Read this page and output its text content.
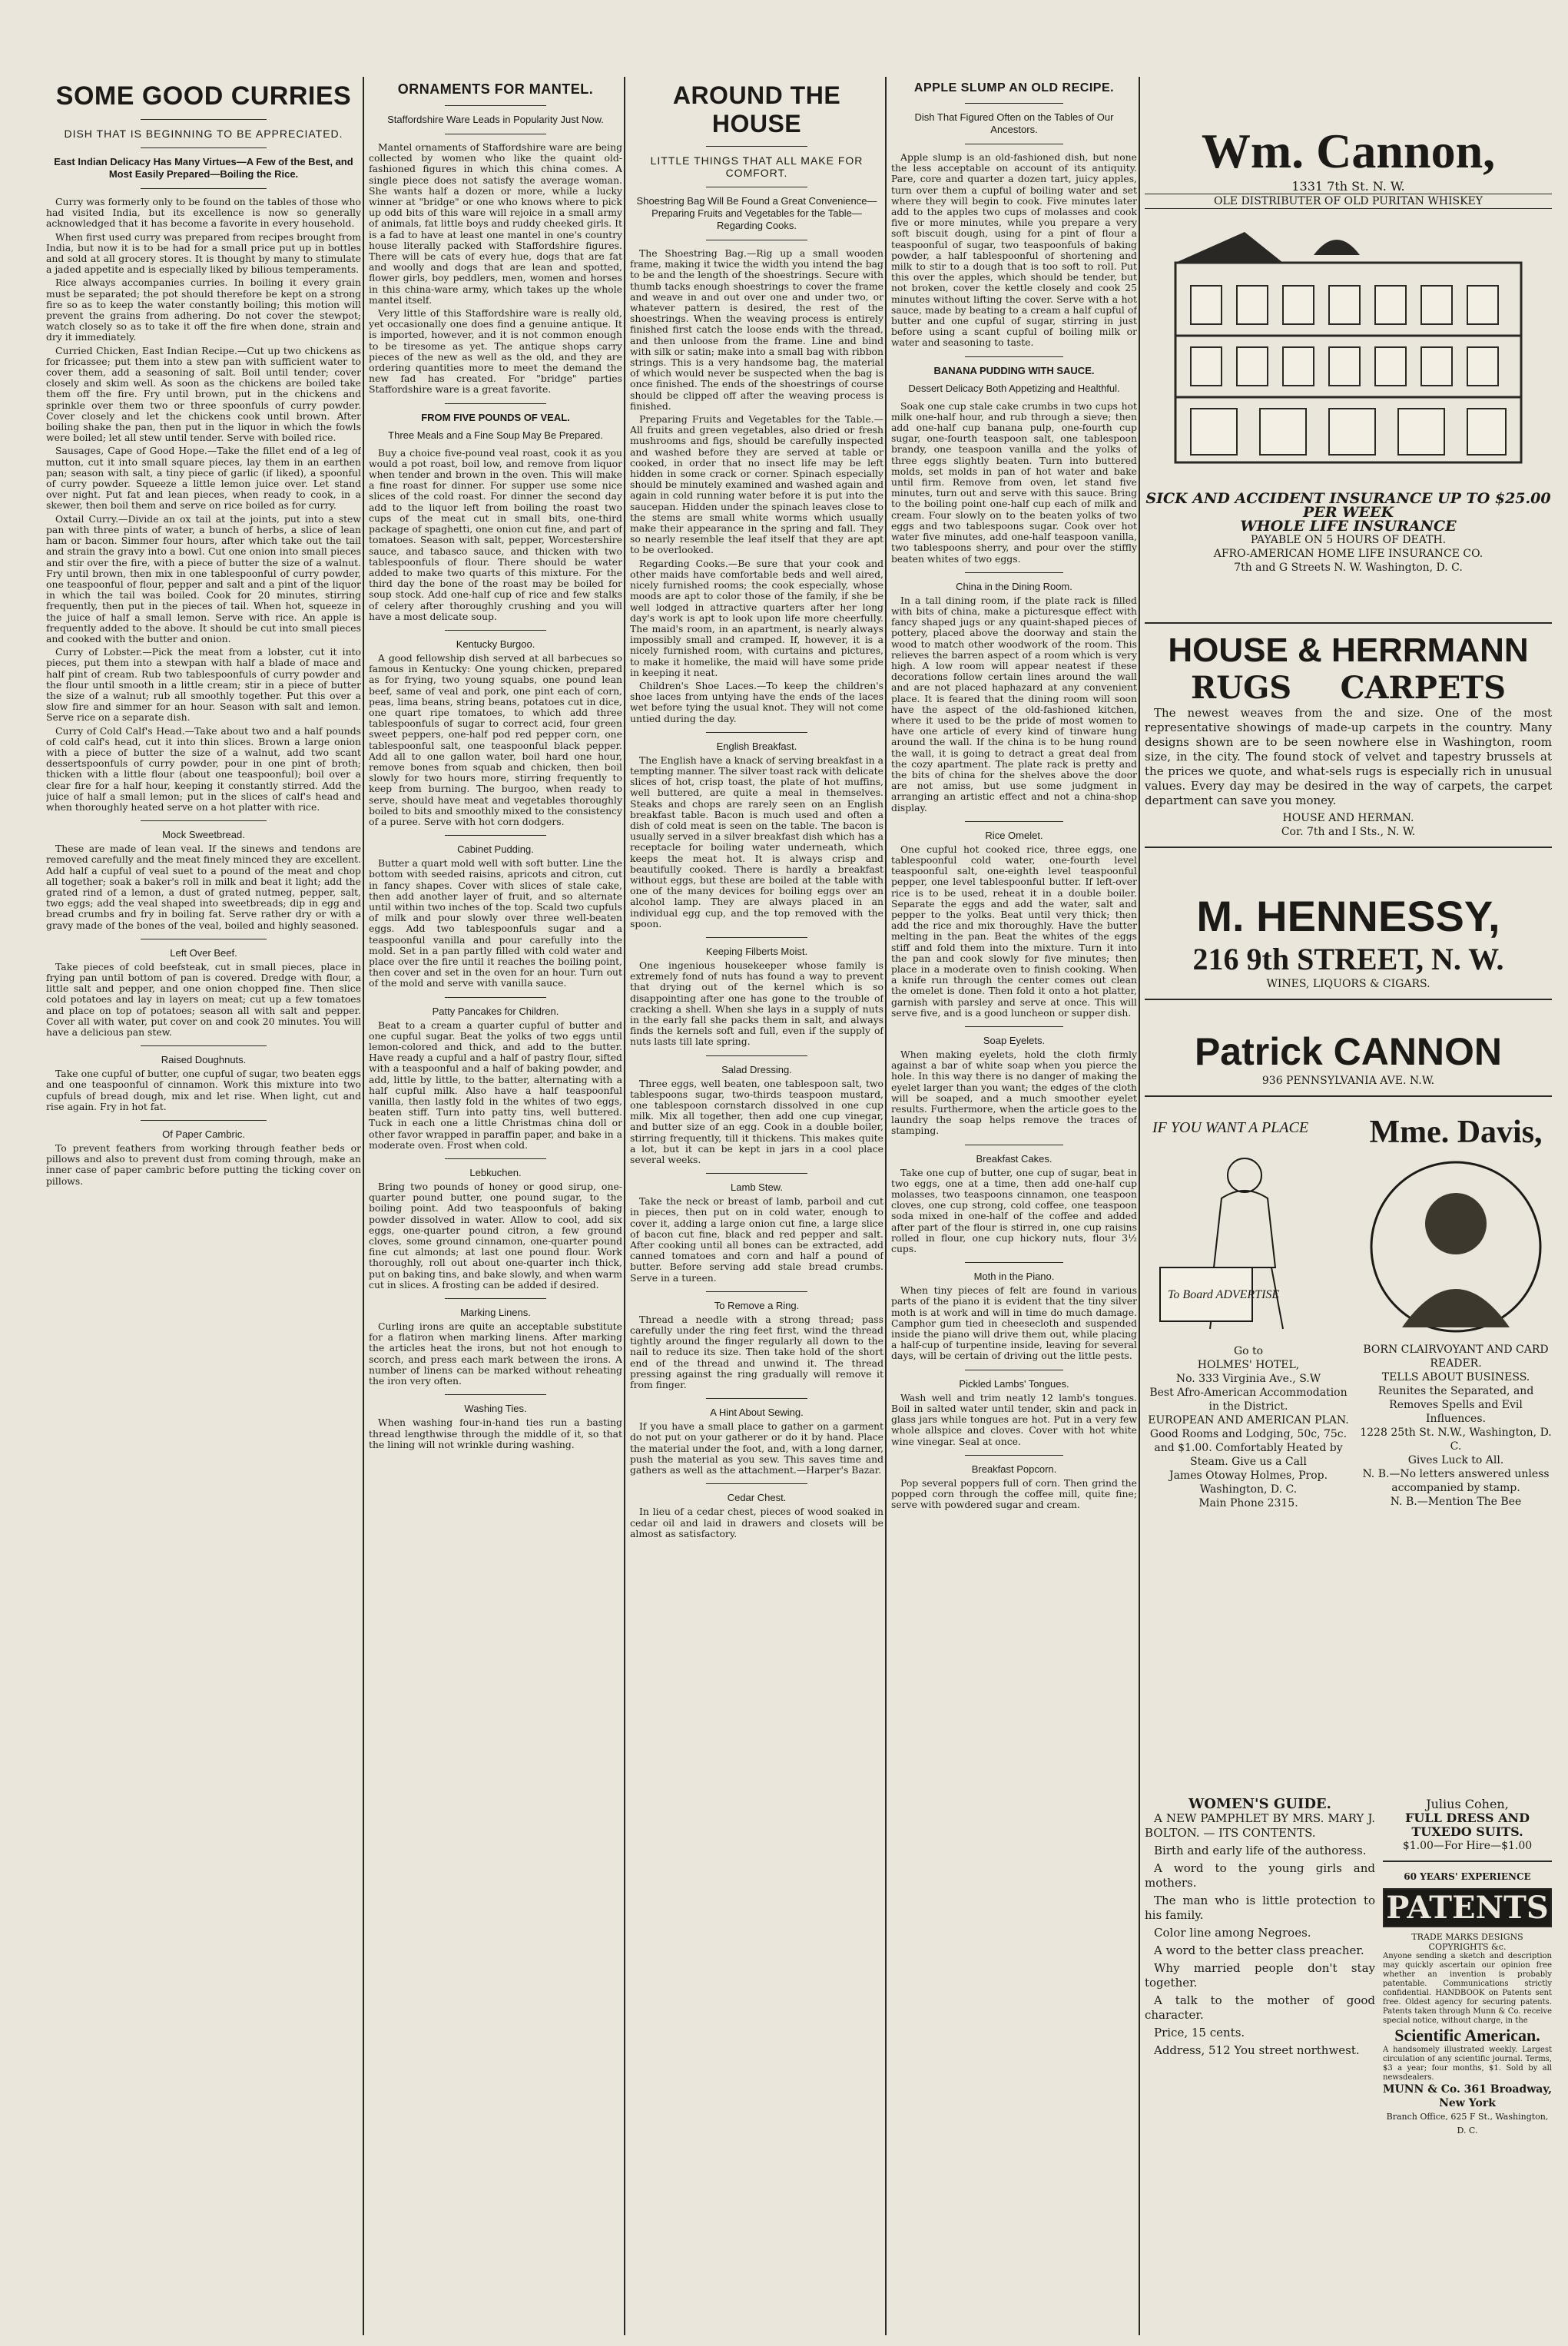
SOME GOOD CURRIES
DISH THAT IS BEGINNING TO BE APPRECIATED.
East Indian Delicacy Has Many Virtues—A Few of the Best, and Most Easily Prepared—Boiling the Rice.

Curry was formerly only to be found on the tables of those who had visited India, but its excellence is now so generally acknowledged that it has become a favorite in every household.

When first used curry was prepared from recipes brought from India, but now it is to be had for a small price put up in bottles and sold at all grocery stores. It is thought by many to stimulate a jaded appetite and is especially liked by bilious temperaments.

Rice always accompanies curries. In boiling it every grain must be separated; the pot should therefore be kept on a strong fire so as to keep the water constantly boiling; this motion will prevent the grains from adhering. Do not cover the stewpot; watch closely so as to take it off the fire when done, strain and dry it immediately.

Curried Chicken, East Indian Recipe.—Cut up two chickens as for fricassee; put them into a stew pan with sufficient water to cover them, add a seasoning of salt. Boil until tender; cover closely and skim well. As soon as the chickens are boiled take them off the fire. Fry until brown, put in the chickens and sprinkle over them two or three spoonfuls of curry powder. Cover closely and let the chickens cook until brown. After boiling shake the pan, then put in the liquor in which the fowls were boiled; let all stew until tender. Serve with boiled rice.

Sausages, Cape of Good Hope.—Take the fillet end of a leg of mutton, cut it into small square pieces, lay them in an earthen pan; season with salt, a tiny piece of garlic (if liked), a spoonful of curry powder. Squeeze a little lemon juice over. Let stand over night. Put fat and lean pieces, when ready to cook, in a skewer, then boil them and serve on rice boiled as for curry.

Oxtail Curry.—Divide an ox tail at the joints, put into a stew pan with three pints of water, a bunch of herbs, a slice of lean ham or bacon. Simmer four hours, after which take out the tail and strain the gravy into a bowl. Cut one onion into small pieces and stir over the fire, with a piece of butter the size of a walnut. Fry until brown, then mix in one tablespoonful of curry powder, one teaspoonful of flour, pepper and salt and a pint of the liquor in which the tail was boiled. Cook for 20 minutes, stirring frequently, then put in the pieces of tail. When hot, squeeze in the juice of half a small lemon. Serve with rice. An apple is frequently added to the above. It should be cut into small pieces and cooked with the butter and onion.

Curry of Lobster.—Pick the meat from a lobster, cut it into pieces, put them into a stewpan with half a blade of mace and half pint of cream. Rub two tablespoonfuls of curry powder and the flour until smooth in a little cream; stir in a piece of butter the size of a walnut; rub all smoothly together. Put this over a slow fire and simmer for an hour. Season with salt and lemon. Serve rice on a separate dish.

Curry of Cold Calf's Head.—Take about two and a half pounds of cold calf's head, cut it into thin slices. Brown a large onion with a piece of butter the size of a walnut, add two scant dessertspoonfuls of curry powder, pour in one pint of broth; thicken with a little flour (about one teaspoonful); boil over a clear fire for a half hour, keeping it constantly stirred. Add the juice of half a small lemon; put in the slices of calf's head and when thoroughly heated serve on a hot platter with rice.

Mock Sweetbread.

These are made of lean veal. If the sinews and tendons are removed carefully and the meat finely minced they are excellent. Add half a cupful of veal suet to a pound of the meat and chop all together; soak a baker's roll in milk and beat it light; add the grated rind of a lemon, a dust of grated nutmeg, pepper, salt, two eggs; add the veal shaped into sweetbreads; dip in egg and bread crumbs and fry in boiling fat. Serve rather dry or with a gravy made of the bones of the veal, boiled and highly seasoned.

Left Over Beef.

Take pieces of cold beefsteak, cut in small pieces, place in frying pan until bottom of pan is covered. Dredge with flour, a little salt and pepper, and one onion chopped fine. Then slice cold potatoes and lay in layers on meat; cut up a few tomatoes and place on top of potatoes; season all with salt and pepper. Cover all with water, put cover on and cook 20 minutes. You will have a delicious pan stew.

Raised Doughnuts.

Take one cupful of butter, one cupful of sugar, two beaten eggs and one teaspoonful of cinnamon. Work this mixture into two cupfuls of bread dough, mix and let rise. When light, cut and rise again. Fry in hot fat.

Of Paper Cambric.

To prevent feathers from working through feather beds or pillows and also to prevent dust from coming through, make an inner case of paper cambric before putting the ticking cover on pillows.

ORNAMENTS FOR MANTEL.
Staffordshire Ware Leads in Popularity Just Now.

Mantel ornaments of Staffordshire ware are being collected by women who like the quaint old-fashioned figures in which this china comes. A single piece does not satisfy the average woman. She wants half a dozen or more, while a lucky winner at "bridge" or one who knows where to pick up odd bits of this ware will rejoice in a small army of animals, fat little boys and ruddy cheeked girls. It is a fad to have at least one mantel in one's country house literally packed with Staffordshire figures. There will be cats of every hue, dogs that are fat and woolly and dogs that are lean and spotted, flower girls, boy peddlers, men, women and horses in this china-ware army, which takes up the whole mantel itself.

Very little of this Staffordshire ware is really old, yet occasionally one does find a genuine antique. It is imported, however, and it is not common enough to be tiresome as yet. The antique shops carry pieces of the new as well as the old, and they are ordering quantities more to meet the demand the new fad has created. For "bridge" parties Staffordshire ware is a great favorite.

FROM FIVE POUNDS OF VEAL.
Three Meals and a Fine Soup May Be Prepared.

Buy a choice five-pound veal roast, cook it as you would a pot roast, boil low, and remove from liquor when tender and brown in the oven. This will make a fine roast for dinner. For supper use some nice slices of the cold roast. For dinner the second day add to the liquor left from boiling the roast two cups of the meat cut in small bits, one-third package of spaghetti, one onion cut fine, and part of tomatoes. Season with salt, pepper, Worcestershire sauce, and tabasco sauce, and thicken with two tablespoonfuls of flour. There should be water added to make two quarts of this mixture. For the third day the bone of the roast may be boiled for soup stock. Add one-half cup of rice and few stalks of celery after thoroughly crushing and you will have a most delicate soup.

Kentucky Burgoo.

A good fellowship dish served at all barbecues so famous in Kentucky: One young chicken, prepared as for frying, two young squabs, one pound lean beef, same of veal and pork, one pint each of corn, peas, lima beans, string beans, potatoes cut in dice, one quart ripe tomatoes, to which add three tablespoonfuls of sugar to correct acid, four green sweet peppers, one-half pod red pepper corn, one tablespoonful salt, one teaspoonful black pepper. Add all to one gallon water, boil hard one hour, remove bones from squab and chicken, then boil slowly for two hours more, stirring frequently to keep from burning. The burgoo, when ready to serve, should have meat and vegetables thoroughly boiled to bits and smoothly mixed to the consistency of a puree. Serve with hot corn dodgers.

Cabinet Pudding.

Butter a quart mold well with soft butter. Line the bottom with seeded raisins, apricots and citron, cut in fancy shapes. Cover with slices of stale cake, then add another layer of fruit, and so alternate until within two inches of the top. Scald two cupfuls of milk and pour slowly over three well-beaten eggs. Add two tablespoonfuls sugar and a teaspoonful vanilla and pour carefully into the mold. Set in a pan partly filled with cold water and place over the fire until it reaches the boiling point, then cover and set in the oven for an hour. Turn out of the mold and serve with vanilla sauce.

Patty Pancakes for Children.

Beat to a cream a quarter cupful of butter and one cupful sugar. Beat the yolks of two eggs until lemon-colored and thick, and add to the butter. Have ready a cupful and a half of pastry flour, sifted with a teaspoonful and a half of baking powder, and add, little by little, to the batter, alternating with a half cupful milk. Also have a half teaspoonful vanilla, then lastly fold in the whites of two eggs, beaten stiff. Turn into patty tins, well buttered. Tuck in each one a little Christmas china doll or other favor wrapped in paraffin paper, and bake in a moderate oven. Frost when cold.

Lebkuchen.

Bring two pounds of honey or good sirup, one-quarter pound butter, one pound sugar, to the boiling point. Add two teaspoonfuls of baking powder dissolved in water. Allow to cool, add six eggs, one-quarter pound citron, a few ground cloves, some ground cinnamon, one-quarter pound fine cut almonds; at last one pound flour. Work thoroughly, roll out about one-quarter inch thick, put on baking tins, and bake slowly, and when warm cut in slices. A frosting can be added if desired.

Marking Linens.

Curling irons are quite an acceptable substitute for a flatiron when marking linens. After marking the articles heat the irons, but not hot enough to scorch, and press each mark between the irons. A number of linens can be marked without reheating the iron very often.

Washing Ties.

When washing four-in-hand ties run a basting thread lengthwise through the middle of it, so that the lining will not wrinkle during washing.

AROUND THE HOUSE
LITTLE THINGS THAT ALL MAKE FOR COMFORT.
Shoestring Bag Will Be Found a Great Convenience—Preparing Fruits and Vegetables for the Table—Regarding Cooks.

The Shoestring Bag.—Rig up a small wooden frame, making it twice the width you intend the bag to be and the length of the shoestrings. Secure with thumb tacks enough shoestrings to cover the frame and weave in and out over one and under two, or whatever pattern is desired, the rest of the shoestrings. When the weaving process is entirely finished first catch the loose ends with the thread, and then unloose from the frame. Line and bind with silk or satin; make into a small bag with ribbon strings. This is a very handsome bag, the material of which would never be suspected when the bag is once finished. The ends of the shoestrings of course should be clipped off after the weaving process is finished.

Preparing Fruits and Vegetables for the Table.—All fruits and green vegetables, also dried or fresh mushrooms and figs, should be carefully inspected and washed before they are served at table or cooked, in order that no insect life may be left hidden in some crack or corner. Spinach especially should be minutely examined and washed again and again in cold running water before it is put into the saucepan. Hidden under the spinach leaves close to the stems are small white worms which usually make their appearance in the spring and fall. They so nearly resemble the leaf itself that they are apt to be overlooked.

Regarding Cooks.—Be sure that your cook and other maids have comfortable beds and well aired, nicely furnished rooms; the cook especially, whose moods are apt to color those of the family, if she be well lodged in attractive quarters after her long day's work is apt to look upon life more cheerfully. The maid's room, in an apartment, is nearly always impossibly small and cramped. If, however, it is a nicely furnished room, with curtains and pictures, to make it homelike, the maid will have some pride in keeping it neat.

Children's Shoe Laces.—To keep the children's shoe laces from untying have the ends of the laces wet before tying the usual knot. They will not come untied during the day.

English Breakfast.

The English have a knack of serving breakfast in a tempting manner. The silver toast rack with delicate slices of hot, crisp toast, the plate of hot muffins, well buttered, are quite a meal in themselves. Steaks and chops are rarely seen on an English breakfast table. Bacon is much used and often a dish of cold meat is seen on the table. The bacon is usually served in a silver breakfast dish which has a receptacle for boiling water underneath, which keeps the meat hot. It is always crisp and beautifully cooked. There is hardly a breakfast without eggs, but these are boiled at the table with one of the many devices for boiling eggs over an alcohol lamp. They are always placed in an individual egg cup, and the top removed with the spoon.

Keeping Filberts Moist.

One ingenious housekeeper whose family is extremely fond of nuts has found a way to prevent that drying out of the kernel which is so disappointing after one has gone to the trouble of cracking a shell. When she lays in a supply of nuts in the early fall she packs them in salt, and always finds the kernels soft and full, even if the supply of nuts lasts till late spring.

Salad Dressing.

Three eggs, well beaten, one tablespoon salt, two tablespoons sugar, two-thirds teaspoon mustard, one tablespoon cornstarch dissolved in one cup milk. Mix all together, then add one cup vinegar, and butter size of an egg. Cook in a double boiler, stirring frequently, till it thickens. This makes quite a lot, but it can be kept in jars in a cool place several weeks.

Lamb Stew.

Take the neck or breast of lamb, parboil and cut in pieces, then put on in cold water, enough to cover it, adding a large onion cut fine, a large slice of bacon cut fine, black and red pepper and salt. After cooking until all bones can be extracted, add canned tomatoes and corn and half a pound of butter. Before serving add stale bread crumbs. Serve in a tureen.

To Remove a Ring.

Thread a needle with a strong thread; pass carefully under the ring feet first, wind the thread tightly around the finger regularly all down to the nail to reduce its size. Then take hold of the short end of the thread and unwind it. The thread pressing against the ring gradually will remove it from finger.

A Hint About Sewing.

If you have a small place to gather on a garment do not put on your gatherer or do it by hand. Place the material under the foot, and, with a long darner, push the material as you sew. This saves time and gathers as well as the attachment.—Harper's Bazar.

Cedar Chest.

In lieu of a cedar chest, pieces of wood soaked in cedar oil and laid in drawers and closets will be almost as satisfactory.

APPLE SLUMP AN OLD RECIPE.
Dish That Figured Often on the Tables of Our Ancestors.

Apple slump is an old-fashioned dish, but none the less acceptable on account of its antiquity. Pare, core and quarter a dozen tart, juicy apples, turn over them a cupful of boiling water and set where they will begin to cook. Five minutes later add to the apples two cups of molasses and cook five or more minutes, while you prepare a very soft biscuit dough, using for a pint of flour a teaspoonful of sugar, two teaspoonfuls of baking powder, a half tablespoonful of shortening and milk to stir to a dough that is too soft to roll. Put this over the apples, which should be tender, but not broken, cover the kettle closely and cook 25 minutes without lifting the cover. Serve with a hot sauce, made by beating to a cream a half cupful of butter and one cupful of sugar, stirring in just before using a scant cupful of boiling milk or water and seasoning to taste.

BANANA PUDDING WITH SAUCE.
Dessert Delicacy Both Appetizing and Healthful.

Soak one cup stale cake crumbs in two cups hot milk one-half hour, and rub through a sieve; then add one-half cup banana pulp, one-fourth cup sugar, one-fourth teaspoon salt, one tablespoon brandy, one teaspoon vanilla and the yolks of three eggs slightly beaten. Turn into buttered molds, set molds in pan of hot water and bake until firm. Remove from oven, let stand five minutes, turn out and serve with this sauce. Bring to the boiling point one-half cup each of milk and cream. Four slowly on to the beaten yolks of two eggs and two tablespoons sugar. Cook over hot water five minutes, add one-half teaspoon vanilla, two tablespoons sherry, and pour over the stiffly beaten whites of two eggs.

China in the Dining Room.

In a tall dining room, if the plate rack is filled with bits of china, make a picturesque effect with fancy shaped jugs or any quaint-shaped pieces of pottery, placed above the doorway and stain the wood to match other woodwork of the room. This relieves the barren aspect of a room which is very high. A low room will appear neatest if these decorations follow certain lines around the wall and are not placed haphazard at any convenient place. It is feared that the dining room will soon have the aspect of the old-fashioned kitchen, where it used to be the pride of most women to have one article of every kind of tinware hung around the wall. If the china is to be hung round the wall, it is going to detract a great deal from the cozy apartment. The plate rack is pretty and the bits of china for the shelves above the door are not amiss, but use some judgment in arranging an artistic effect and not a china-shop display.

Rice Omelet.

One cupful hot cooked rice, three eggs, one tablespoonful cold water, one-fourth level teaspoonful salt, one-eighth level teaspoonful pepper, one level tablespoonful butter. If left-over rice is to be used, reheat it in a double boiler. Separate the eggs and add the water, salt and pepper to the yolks. Beat until very thick; then add the rice and mix thoroughly. Have the butter melting in the pan. Beat the whites of the eggs stiff and fold them into the mixture. Turn it into the pan and cook slowly for five minutes; then place in a moderate oven to finish cooking. When a knife run through the center comes out clean the omelet is done. Then fold it onto a hot platter, garnish with parsley and serve at once. This will serve five, and is a good luncheon or supper dish.

Soap Eyelets.

When making eyelets, hold the cloth firmly against a bar of white soap when you pierce the hole. In this way there is no danger of making the eyelet larger than you want; the edges of the cloth will be soaped, and a much smoother eyelet results. Furthermore, when the article goes to the laundry the soap helps remove the traces of stamping.

Breakfast Cakes.

Take one cup of butter, one cup of sugar, beat in two eggs, one at a time, then add one-half cup molasses, two teaspoons cinnamon, one teaspoon cloves, one cup strong, cold coffee, one teaspoon soda mixed in one-half of the coffee and added after part of the flour is stirred in, one cup raisins rolled in flour, one cup hickory nuts, flour 3½ cups.

Moth in the Piano.

When tiny pieces of felt are found in various parts of the piano it is evident that the tiny silver moth is at work and will in time do much damage. Camphor gum tied in cheesecloth and suspended inside the piano will drive them out, while placing a half-cup of turpentine inside, leaving for several days, will be certain of driving out the little pests.

Pickled Lambs' Tongues.

Wash well and trim neatly 12 lamb's tongues. Boil in salted water until tender, skin and pack in glass jars while tongues are hot. Put in a very few whole allspice and cloves. Cover with hot white wine vinegar. Seal at once.

Breakfast Popcorn.

Pop several poppers full of corn. Then grind the popped corn through the coffee mill, quite fine; serve with powdered sugar and cream.

Wm. Cannon,
1331 7th St. N. W.
OLE DISTRIBUTER OF OLD PURITAN WHISKEY
SICK AND ACCIDENT INSURANCE UP TO $25.00 PER WEEK
WHOLE LIFE INSURANCE
PAYABLE ON 5 HOURS OF DEATH.
AFRO-AMERICAN HOME LIFE INSURANCE CO.
7th and G Streets N. W. Washington, D. C.
HOUSE & HERRMANN
RUGS CARPETS

The newest weaves from the and size. One of the most representative showings of made-up carpets in the country. Many designs shown are to be seen nowhere else in Washington, room size, in the city. The found stock of velvet and tapestry brussels at the prices we quote, and what-sels rugs is especially rich in unusual values. Every day may be desired in the way of carpets, the carpet department can save you money.

HOUSE AND HERMAN.
Cor. 7th and I Sts., N. W.
M. HENNESSY,
216 9th STREET, N. W.
WINES, LIQUORS & CIGARS.
Patrick CANNON
936 PENNSYLVANIA AVE. N.W.
IF YOU WANT A PLACE
To Board ADVERTISE
Go to
HOLMES' HOTEL,
No. 333 Virginia Ave., S.W
Best Afro-American Accommodation in the District.
EUROPEAN AND AMERICAN PLAN.
Good Rooms and Lodging, 50c, 75c. and $1.00. Comfortably Heated by Steam. Give us a Call
James Otoway Holmes, Prop.
Washington, D. C.
Main Phone 2315.
Mme. Davis,
BORN CLAIRVOYANT AND CARD READER.
TELLS ABOUT BUSINESS.
Reunites the Separated, and Removes Spells and Evil Influences.
1228 25th St. N.W., Washington, D. C.
Gives Luck to All.
N. B.—No letters answered unless accompanied by stamp.
N. B.—Mention The Bee
WOMEN'S GUIDE.

A NEW PAMPHLET BY MRS. MARY J. BOLTON. — ITS CONTENTS.

Birth and early life of the authoress.

A word to the young girls and mothers.

The man who is little protection to his family.

Color line among Negroes.

A word to the better class preacher.

Why married people don't stay together.

A talk to the mother of good character.

Price, 15 cents.

Address, 512 You street northwest.

Julius Cohen,
FULL DRESS AND TUXEDO SUITS.
$1.00—For Hire—$1.00
60 YEARS' EXPERIENCE
PATENTS
TRADE MARKS DESIGNS COPYRIGHTS &c.
Anyone sending a sketch and description may quickly ascertain our opinion free whether an invention is probably patentable. Communications strictly confidential. HANDBOOK on Patents sent free. Oldest agency for securing patents. Patents taken through Munn & Co. receive special notice, without charge, in the
Scientific American.
A handsomely illustrated weekly. Largest circulation of any scientific journal. Terms, $3 a year; four months, $1. Sold by all newsdealers.
MUNN & Co. 361 Broadway, New York
Branch Office, 625 F St., Washington, D. C.
